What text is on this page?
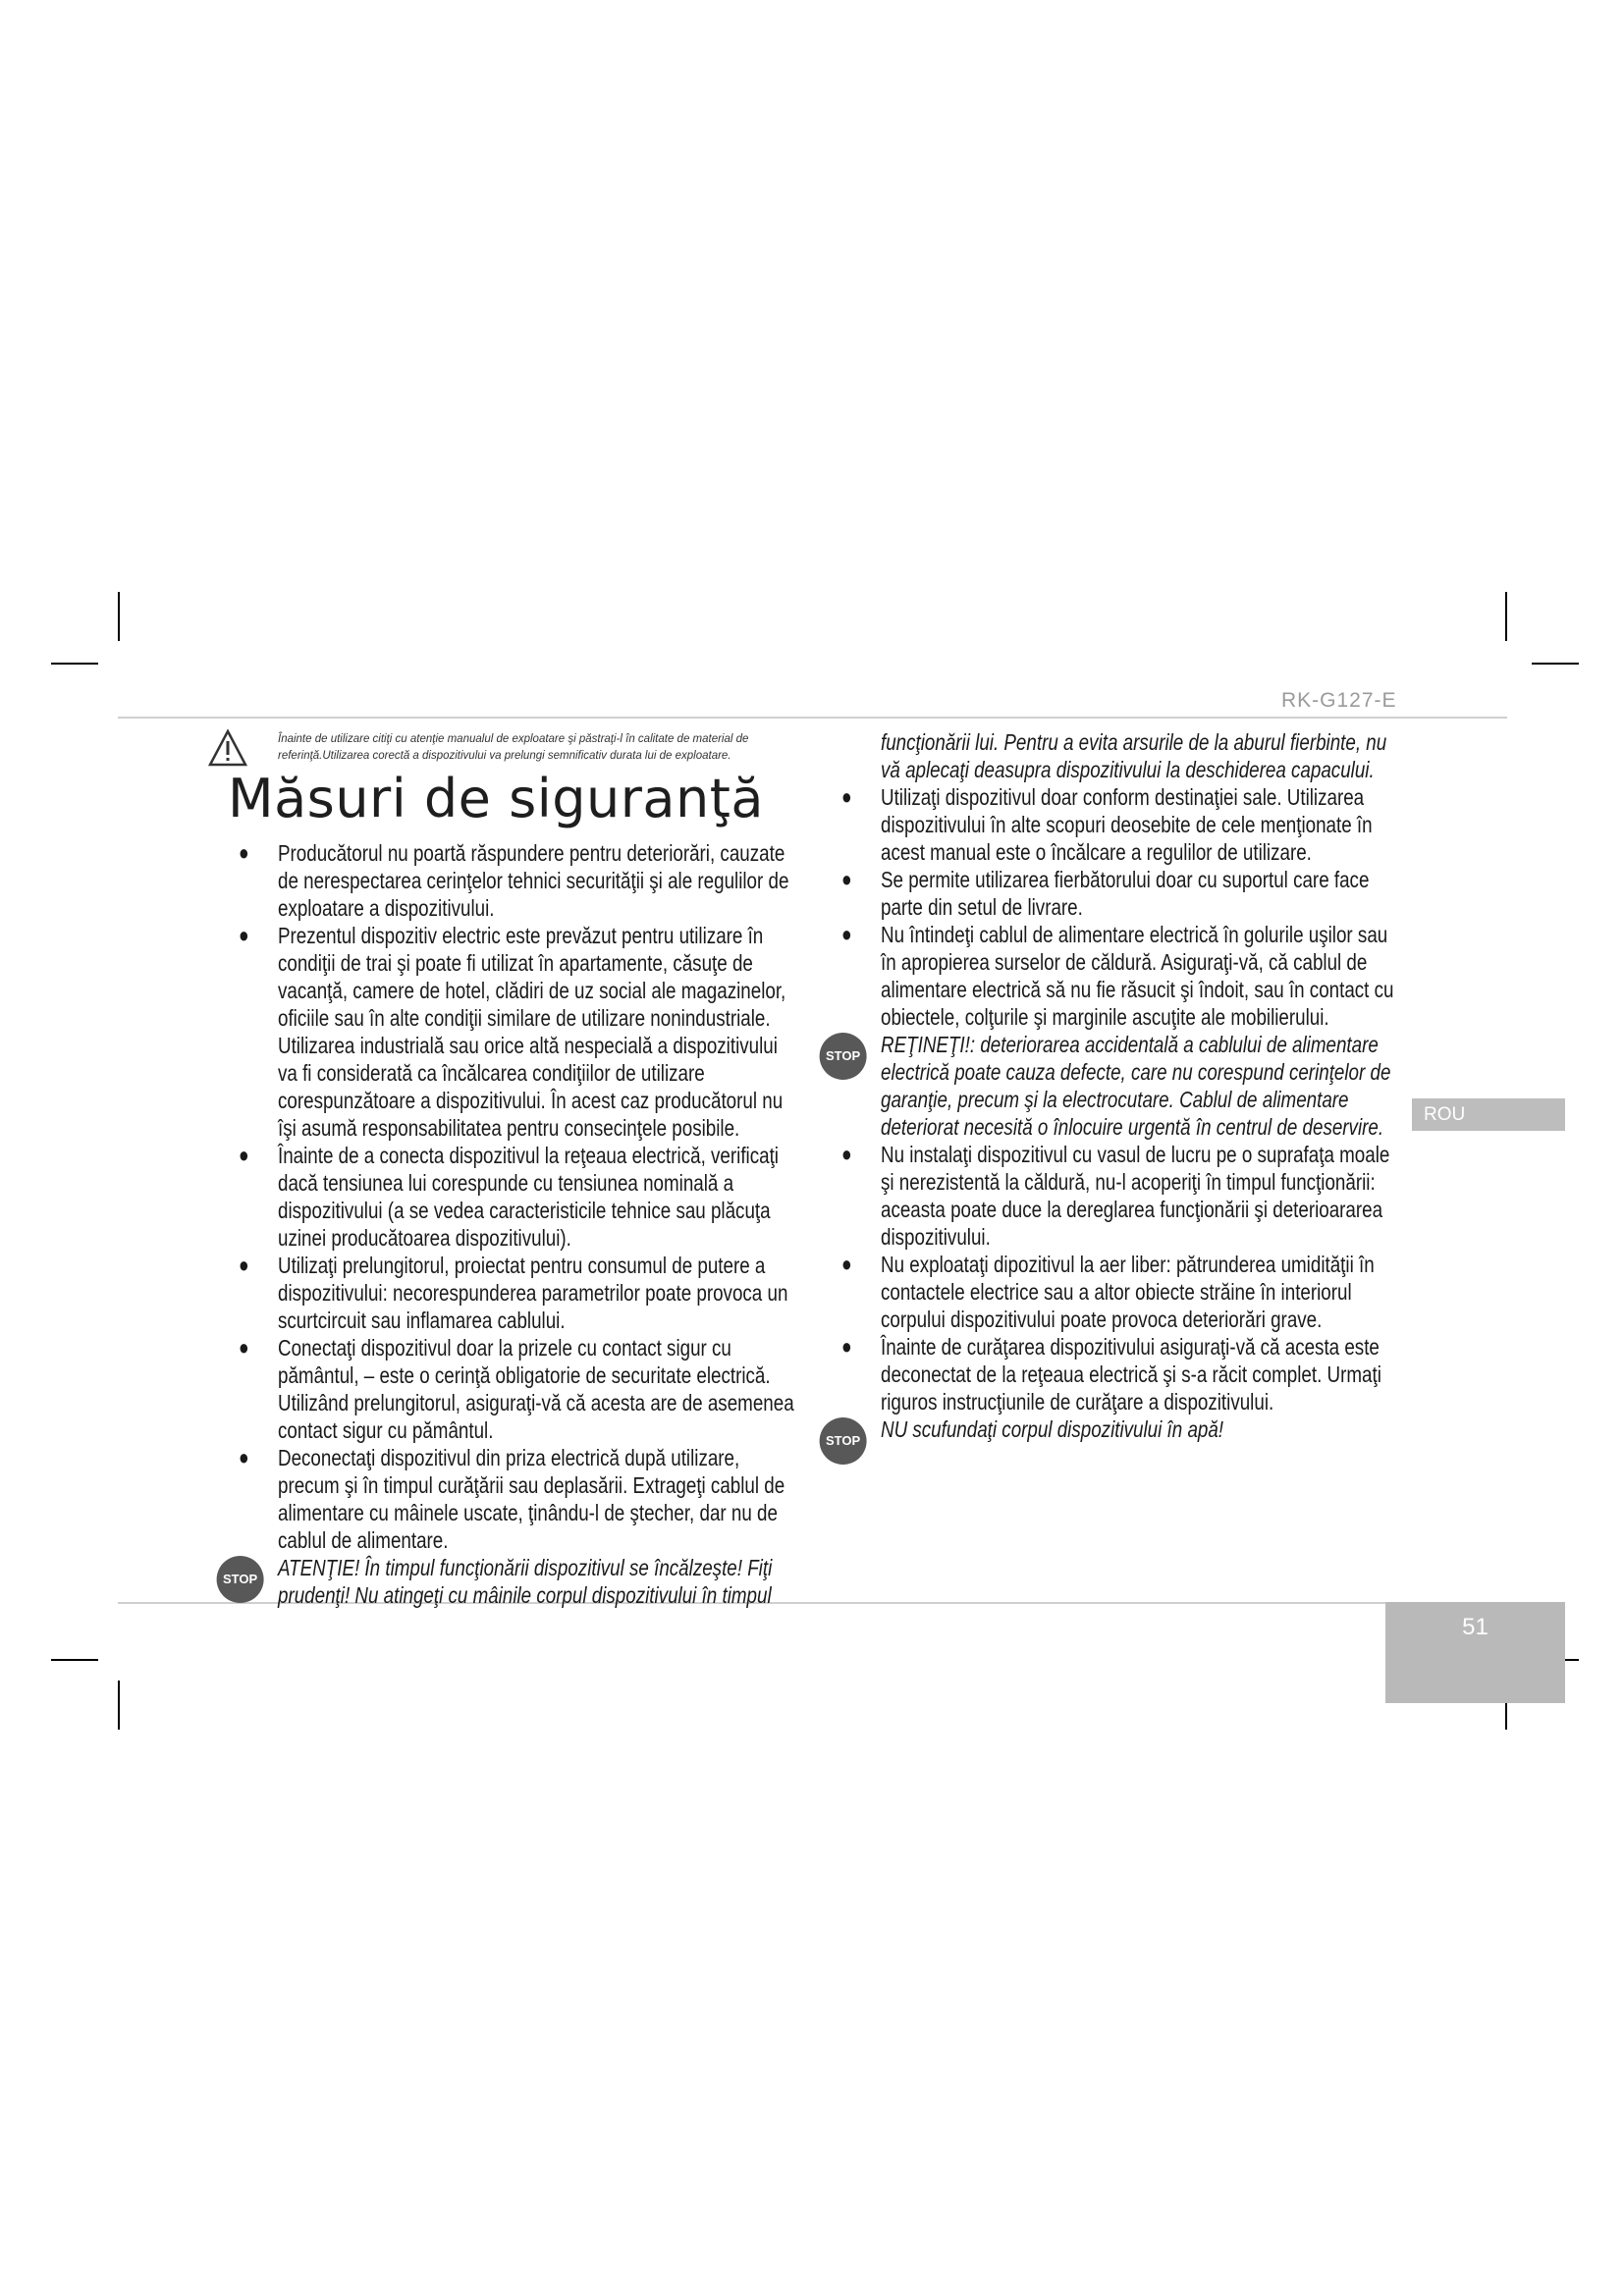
RK-G127-E
ROU
51
Înainte de utilizare citiţi cu atenţie manualul de exploatare şi păstraţi-l în calitate de material de referinţă.Utilizarea corectă a dispozitivului va prelungi semnificativ durata lui de exploatare.
Măsuri de siguranţă
● Producătorul nu poartă răspundere pentru deteriorări, cauzate de nerespectarea cerinţelor tehnici securităţii şi ale regulilor de exploatare a dispozitivului.
● Prezentul dispozitiv electric este prevăzut pentru utilizare în condiţii de trai şi poate fi utilizat în apartamente, căsuţe de vacanţă, camere de hotel, clădiri de uz social ale magazinelor, oficiile sau în alte condiţii similare de utilizare nonindustriale. Utilizarea industrială sau orice altă nespecială a dispozitivului va fi considerată ca încălcarea condiţiilor de utilizare corespunzătoare a dispozitivului. În acest caz producătorul nu îşi asumă responsabilitatea pentru consecinţele posibile.
● Înainte de a conecta dispozitivul la reţeaua electrică, verificaţi dacă tensiunea lui corespunde cu tensiunea nominală a dispozitivului (a se vedea caracteristicile tehnice sau plăcuţa uzinei producătoarea dispozitivului).
● Utilizaţi prelungitorul, proiectat pentru consumul de putere a dispozitivului: necorespunderea parametrilor poate provoca un scurtcircuit sau inflamarea cablului.
● Conectaţi dispozitivul doar la prizele cu contact sigur cu pământul, – este o cerinţă obligatorie de securitate electrică. Utilizând prelungitorul, asiguraţi-vă că acesta are de asemenea contact sigur cu pământul.
● Deconectaţi dispozitivul din priza electrică după utilizare, precum şi în timpul curăţării sau deplasării. Extrageţi cablul de alimentare cu mâinele uscate, ţinându-l de ştecher, dar nu de cablul de alimentare.
STOP ATENŢIE! În timpul funcţionării dispozitivul se încălzeşte! Fiţi prudenţi! Nu atingeţi cu mâinile corpul dispozitivului în timpul
funcţionării lui. Pentru a evita arsurile de la aburul fierbinte, nu vă aplecaţi deasupra dispozitivului la deschiderea capacului.
● Utilizaţi dispozitivul doar conform destinaţiei sale. Utilizarea dispozitivului în alte scopuri deosebite de cele menţionate în acest manual este o încălcare a regulilor de utilizare.
● Se permite utilizarea fierbătorului doar cu suportul care face parte din setul de livrare.
● Nu întindeţi cablul de alimentare electrică în golurile uşilor sau în apropierea surselor de căldură. Asiguraţi-vă, că cablul de alimentare electrică să nu fie răsucit şi îndoit, sau în contact cu obiectele, colţurile şi marginile ascuţite ale mobilierului.
STOP REŢINEŢI!: deteriorarea accidentală a cablului de alimentare electrică poate cauza defecte, care nu corespund cerinţelor de garanţie, precum şi la electrocutare. Cablul de alimentare deteriorat necesită o înlocuire urgentă în centrul de deservire.
● Nu instalaţi dispozitivul cu vasul de lucru pe o suprafaţa moale şi nerezistentă la căldură, nu-l acoperiţi în timpul funcţionării: aceasta poate duce la dereglarea funcţionării şi deterioararea dispozitivului.
● Nu exploataţi dipozitivul la aer liber: pătrunderea umidităţii în contactele electrice sau a altor obiecte străine în interiorul corpului dispozitivului poate provoca deteriorări grave.
● Înainte de curăţarea dispozitivului asiguraţi-vă că acesta este deconectat de la reţeaua electrică şi s-a răcit complet. Urmaţi riguros instrucţiunile de curăţare a dispozitivului.
STOP NU scufundaţi corpul dispozitivului în apă!
